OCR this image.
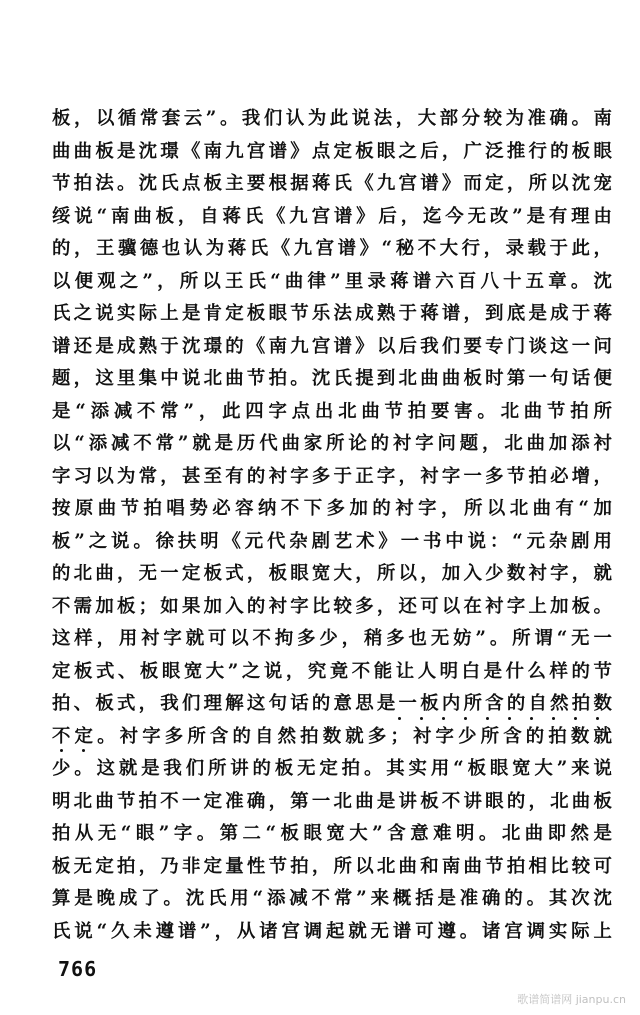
板，以循常套云”。我们认为此说法，大部分较为准确。南
曲曲板是沈璟《南九宫谱》点定板眼之后，广泛推行的板眼
节拍法。沈氏点板主要根据蒋氏《九宫谱》而定，所以沈宠
绥说“南曲板，自蒋氏《九宫谱》后，迄今无改”是有理由
的，王骥德也认为蒋氏《九宫谱》“秘不大行，录载于此，
以便观之”，所以王氏“曲律”里录蒋谱六百八十五章。沈
氏之说实际上是肯定板眼节乐法成熟于蒋谱，到底是成于蒋
谱还是成熟于沈璟的《南九宫谱》以后我们要专门谈这一问
题，这里集中说北曲节拍。沈氏提到北曲曲板时第一句话便
是“添减不常”，此四字点出北曲节拍要害。北曲节拍所
以“添减不常”就是历代曲家所论的衬字问题，北曲加添衬
字习以为常，甚至有的衬字多于正字，衬字一多节拍必增，
按原曲节拍唱势必容纳不下多加的衬字，所以北曲有“加
板”之说。徐扶明《元代杂剧艺术》一书中说：“元杂剧用
的北曲，无一定板式，板眼宽大，所以，加入少数衬字，就
不需加板；如果加入的衬字比较多，还可以在衬字上加板。
这样，用衬字就可以不拘多少，稍多也无妨”。所谓“无一
定板式、板眼宽大”之说，究竟不能让人明白是什么样的节
拍、板式，我们理解这句话的意思是一板内所含的自然拍数
不定。衬字多所含的自然拍数就多；衬字少所含的拍数就
少。这就是我们所讲的板无定拍。其实用“板眼宽大”来说
明北曲节拍不一定准确，第一北曲是讲板不讲眼的，北曲板
拍从无“眼”字。第二“板眼宽大”含意难明。北曲即然是
板无定拍，乃非定量性节拍，所以北曲和南曲节拍相比较可
算是晚成了。沈氏用“添减不常”来概括是准确的。其次沈
氏说“久未遵谱”，从诸宫调起就无谱可遵。诸宫调实际上
766
歌谱简谱网 jianpu.cn
